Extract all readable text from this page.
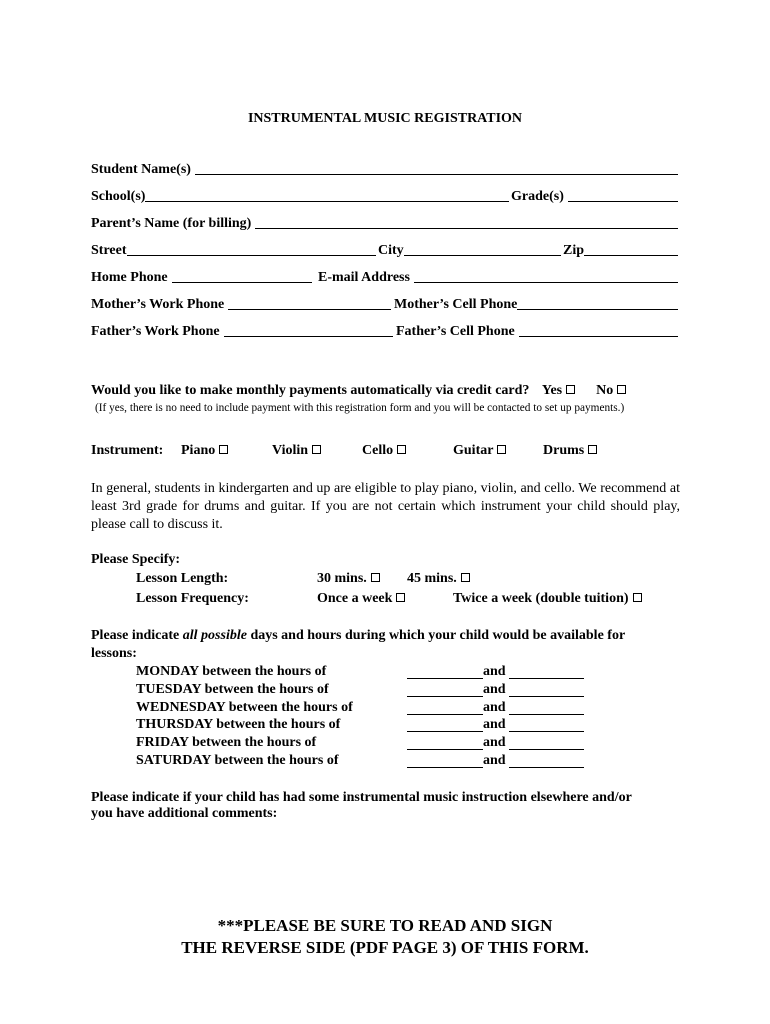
INSTRUMENTAL MUSIC REGISTRATION
Student Name(s)
School(s)	Grade(s)
Parent’s Name (for billing)
Street	City	Zip
Home Phone	E-mail Address
Mother’s Work Phone	Mother’s Cell Phone
Father’s Work Phone	Father’s Cell Phone
Would you like to make monthly payments automatically via credit card? Yes No
(If yes, there is no need to include payment with this registration form and you will be contacted to set up payments.)
Instrument: Piano	Violin	Cello	Guitar	Drums
In general, students in kindergarten and up are eligible to play piano, violin, and cello. We recommend at least 3rd grade for drums and guitar. If you are not certain which instrument your child should play, please call to discuss it.
Please Specify:
Lesson Length:	30 mins.	45 mins.
Lesson Frequency:	Once a week	Twice a week (double tuition)
Please indicate all possible days and hours during which your child would be available for
lessons:
MONDAY between the hours of	and
TUESDAY between the hours of	and
WEDNESDAY between the hours of	and
THURSDAY between the hours of	and
FRIDAY between the hours of	and
SATURDAY between the hours of	and
Please indicate if your child has had some instrumental music instruction elsewhere and/or
you have additional comments:
***PLEASE BE SURE TO READ AND SIGN
THE REVERSE SIDE (PDF PAGE 3) OF THIS FORM.
